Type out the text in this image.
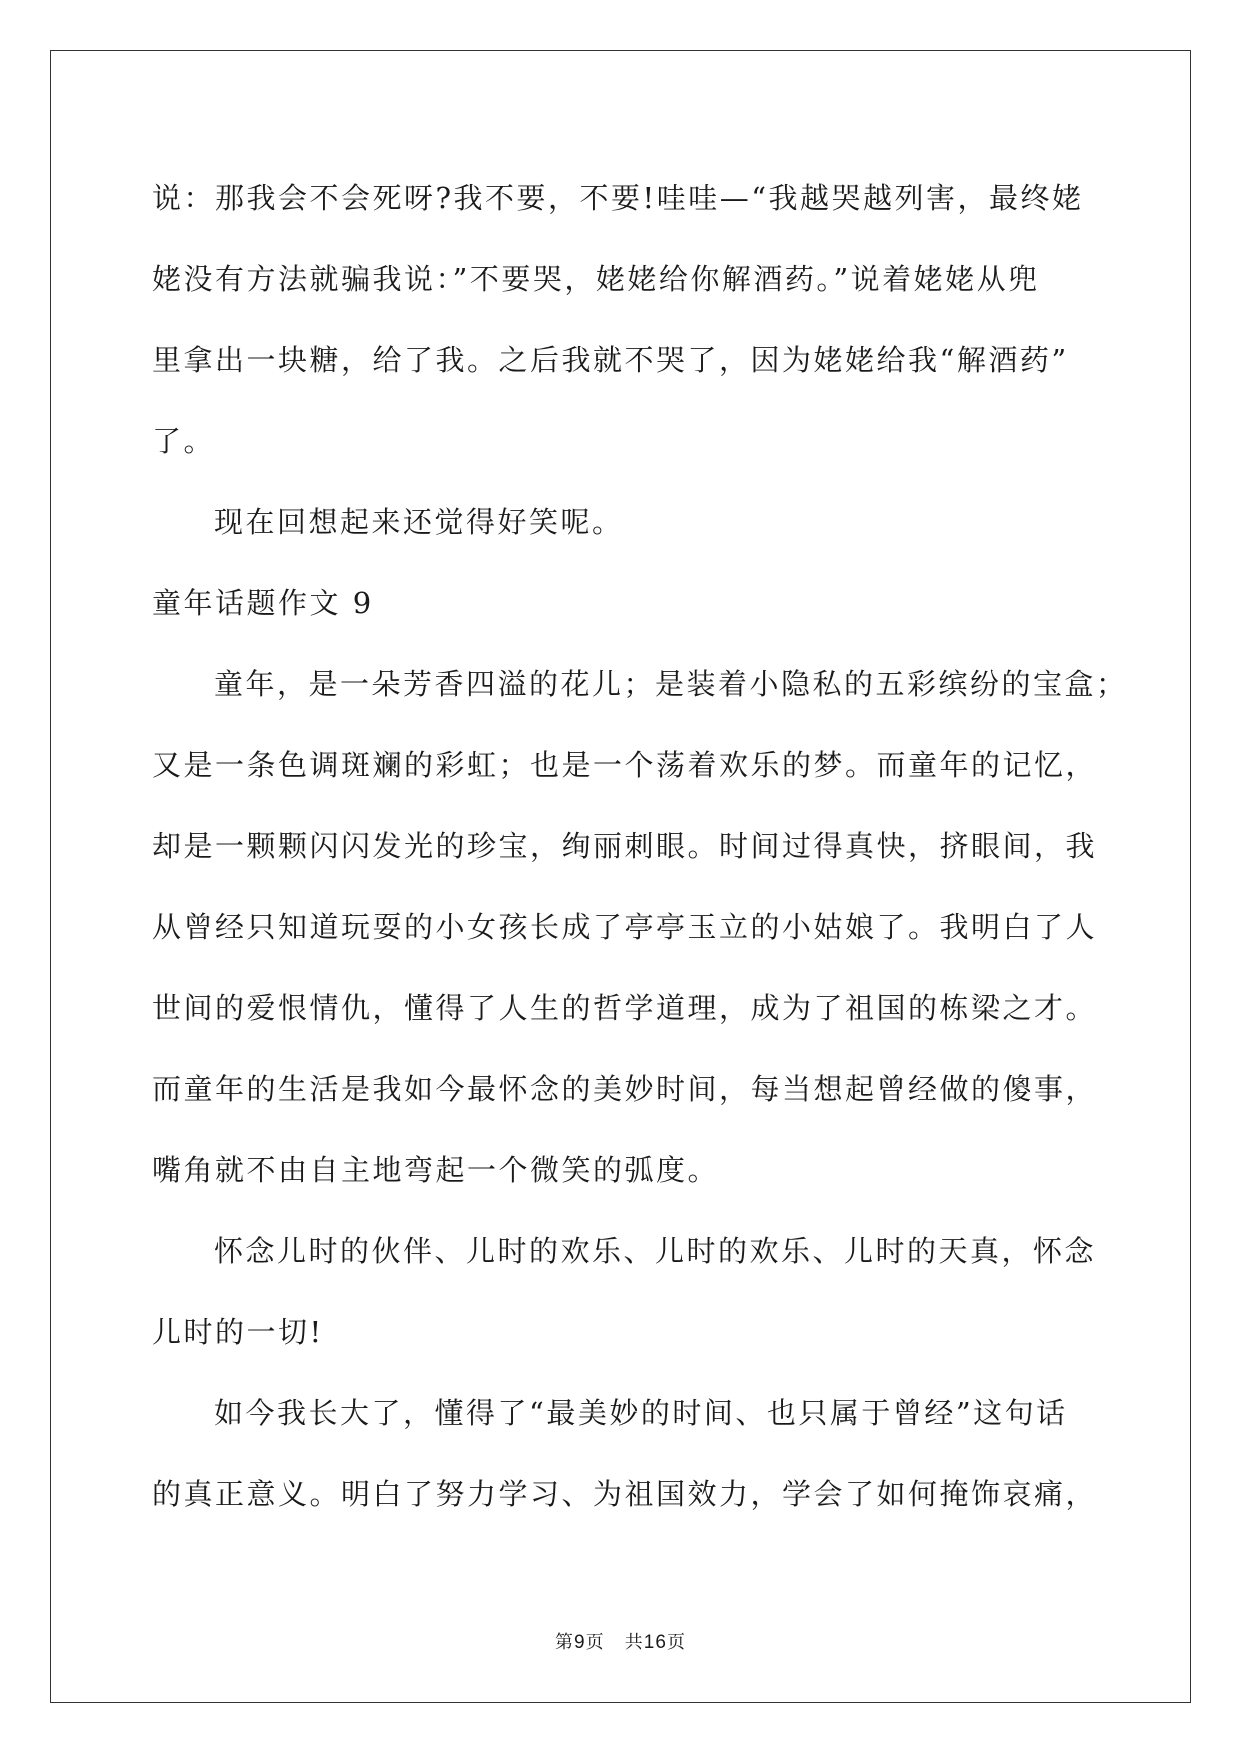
说：那我会不会死呀?我不要，不要!哇哇—“我越哭越列害，最终姥
姥没有方法就骗我说：”不要哭，姥姥给你解酒药。”说着姥姥从兜
里拿出一块糖，给了我。之后我就不哭了，因为姥姥给我“解酒药”
了。
现在回想起来还觉得好笑呢。
童年话题作文 9
童年，是一朵芳香四溢的花儿；是装着小隐私的五彩缤纷的宝盒；
又是一条色调斑斓的彩虹；也是一个荡着欢乐的梦。而童年的记忆，
却是一颗颗闪闪发光的珍宝，绚丽刺眼。时间过得真快，挤眼间，我
从曾经只知道玩耍的小女孩长成了亭亭玉立的小姑娘了。我明白了人
世间的爱恨情仇，懂得了人生的哲学道理，成为了祖国的栋梁之才。
而童年的生活是我如今最怀念的美妙时间，每当想起曾经做的傻事，
嘴角就不由自主地弯起一个微笑的弧度。
怀念儿时的伙伴、儿时的欢乐、儿时的欢乐、儿时的天真，怀念
儿时的一切!
如今我长大了，懂得了“最美妙的时间、也只属于曾经”这句话
的真正意义。明白了努力学习、为祖国效力，学会了如何掩饰哀痛，
第9页 共16页
